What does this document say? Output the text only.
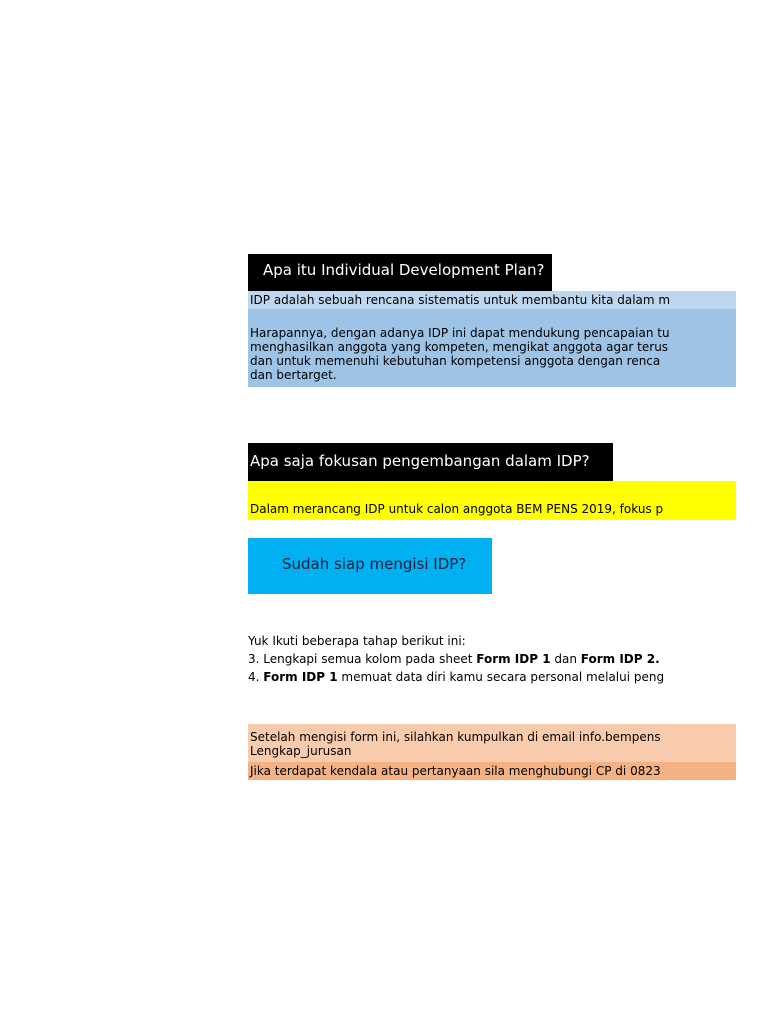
Apa itu Individual Development Plan?
IDP adalah sebuah rencana sistematis untuk membantu kita dalam m
Harapannya, dengan adanya IDP ini dapat mendukung pencapaian tu
menghasilkan anggota yang kompeten, mengikat anggota agar terus
dan untuk memenuhi kebutuhan kompetensi anggota dengan renca
dan bertarget.
Apa saja fokusan pengembangan dalam IDP?
Dalam merancang IDP untuk calon anggota BEM PENS 2019, fokus p
Sudah siap mengisi IDP?
Yuk Ikuti beberapa tahap berikut ini:
3. Lengkapi semua kolom pada sheet Form IDP 1 dan Form IDP 2.
4. Form IDP 1 memuat data diri kamu secara personal melalui peng
Setelah mengisi form ini, silahkan kumpulkan di email info.bempens
Lengkap_jurusan
Jika terdapat kendala atau pertanyaan sila menghubungi CP di 0823
